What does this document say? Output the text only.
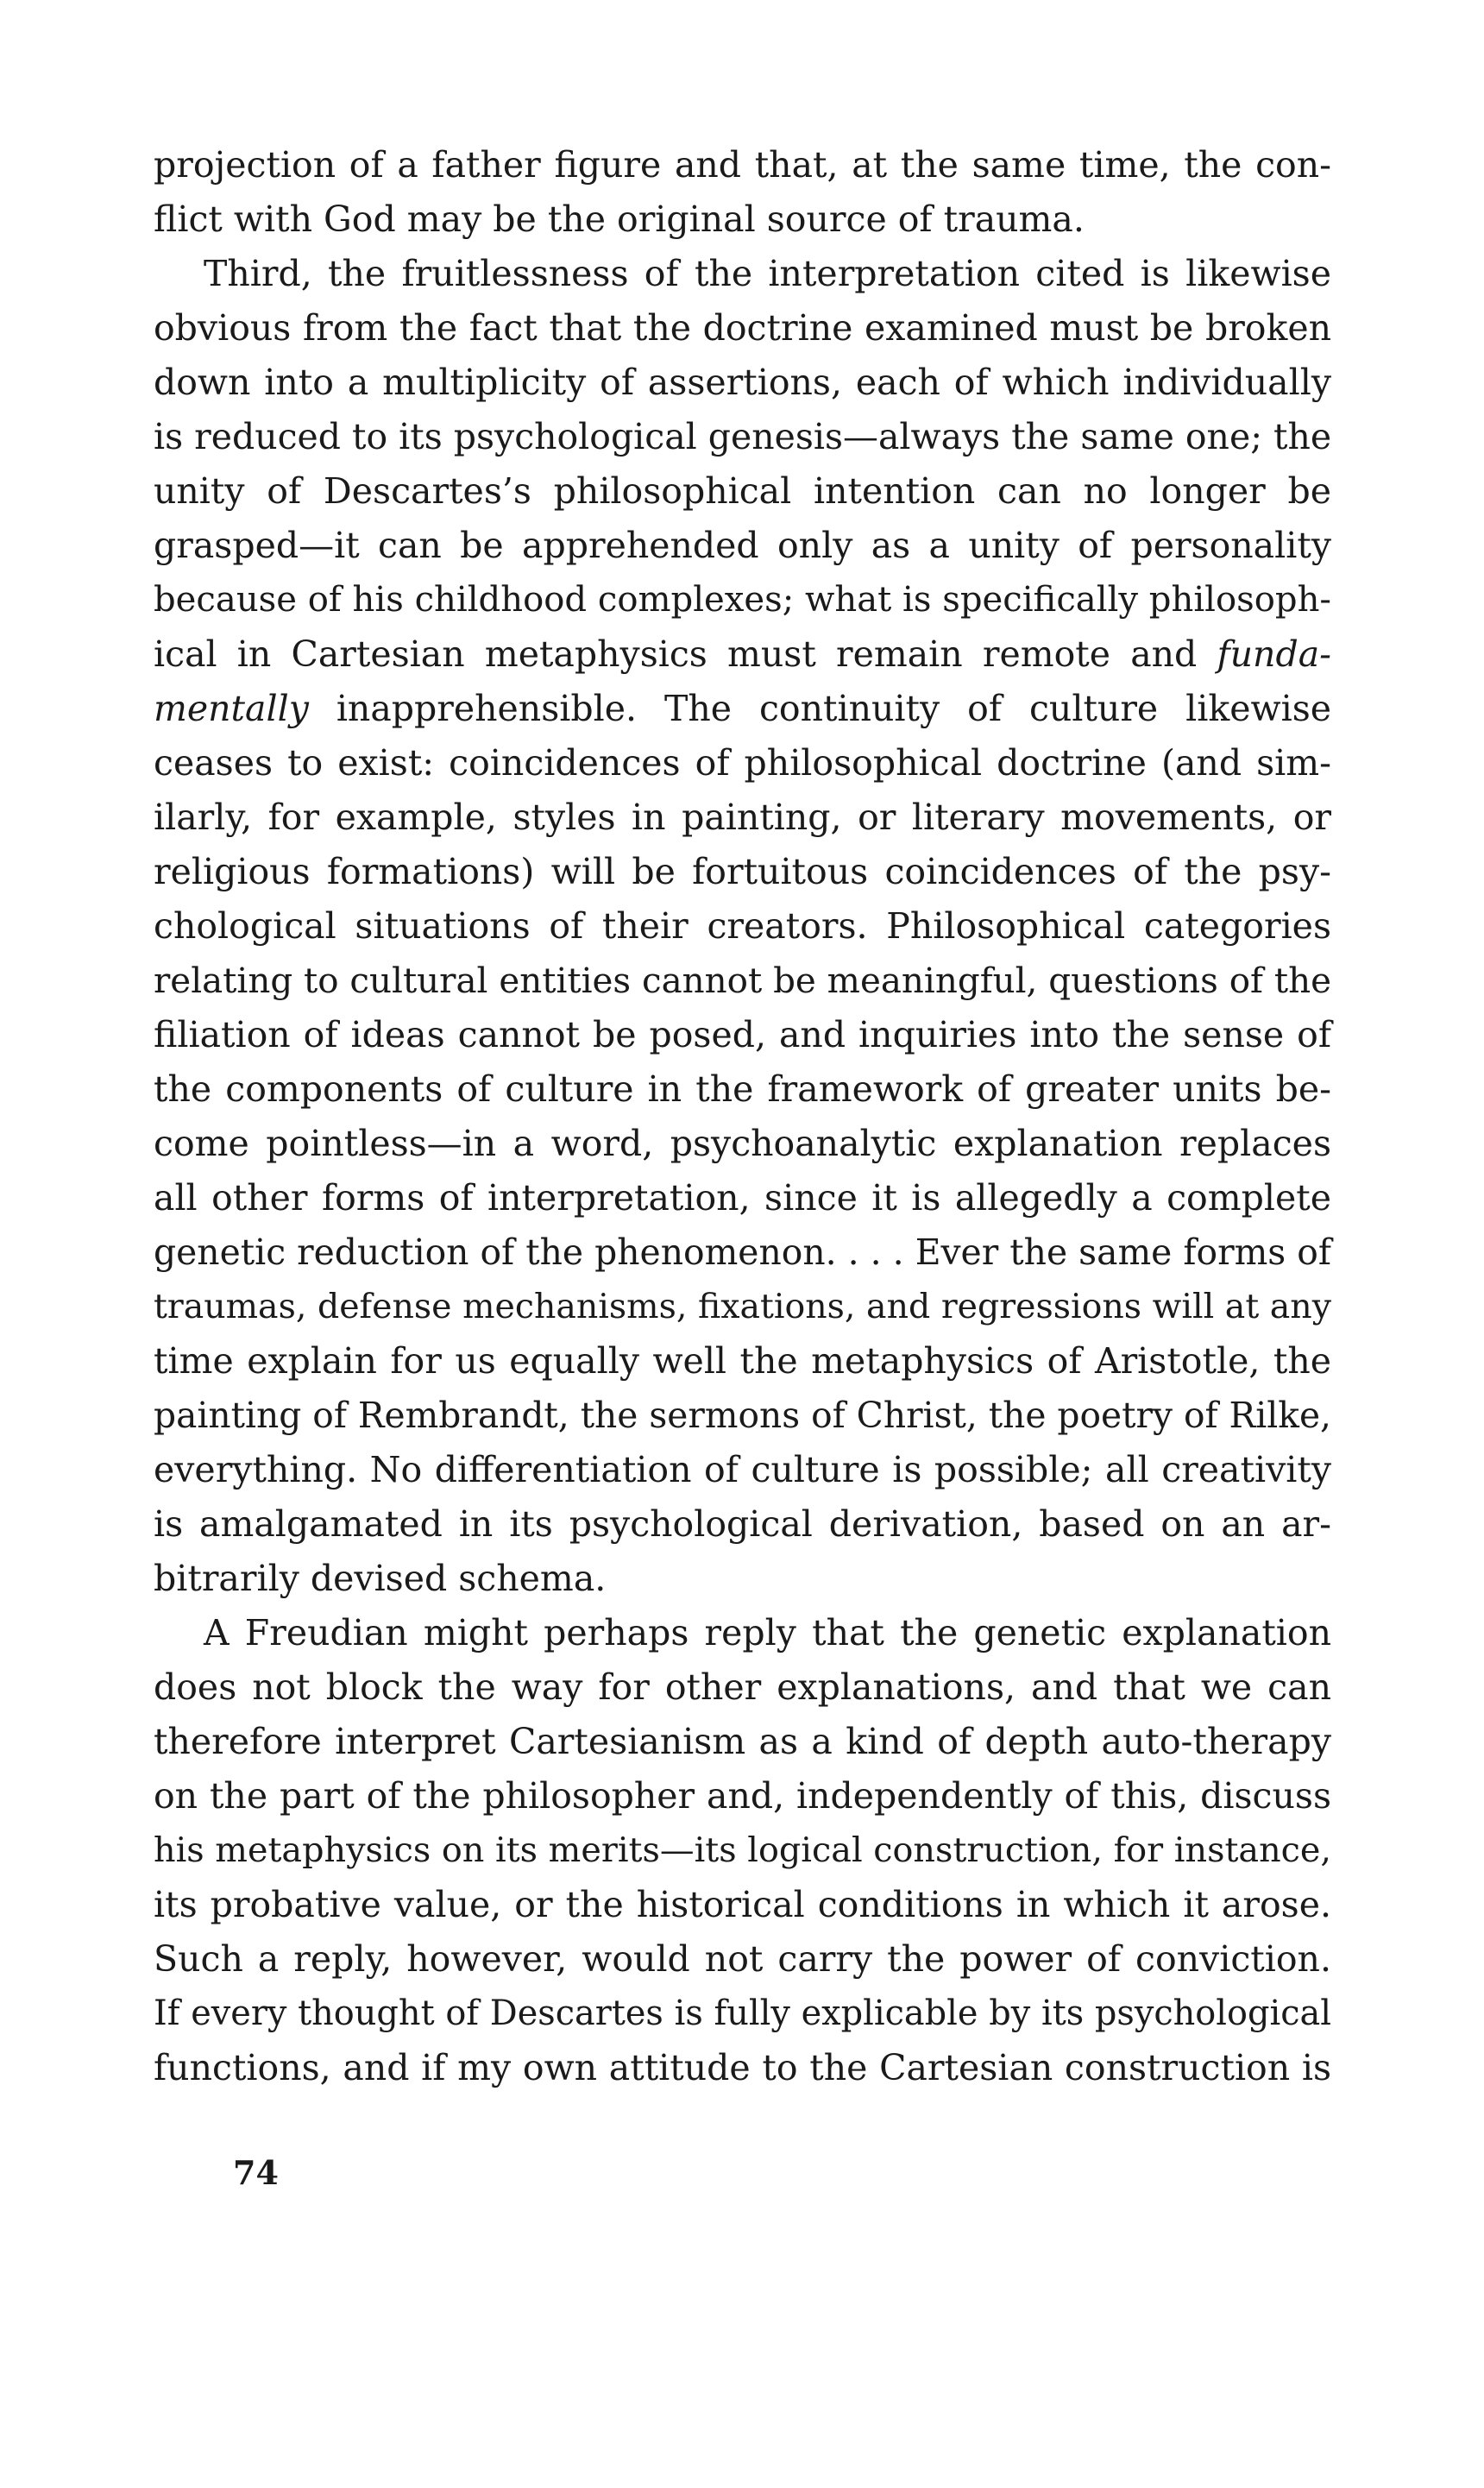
projection of a father figure and that, at the same time, the con-
flict with God may be the original source of trauma.
Third, the fruitlessness of the interpretation cited is likewise
obvious from the fact that the doctrine examined must be broken
down into a multiplicity of assertions, each of which individually
is reduced to its psychological genesis—always the same one; the
unity of Descartes’s philosophical intention can no longer be
grasped—it can be apprehended only as a unity of personality
because of his childhood complexes; what is specifically philosoph-
ical in Cartesian metaphysics must remain remote and funda-
mentally inapprehensible. The continuity of culture likewise
ceases to exist: coincidences of philosophical doctrine (and sim-
ilarly, for example, styles in painting, or literary movements, or
religious formations) will be fortuitous coincidences of the psy-
chological situations of their creators. Philosophical categories
relating to cultural entities cannot be meaningful, questions of the
filiation of ideas cannot be posed, and inquiries into the sense of
the components of culture in the framework of greater units be-
come pointless—in a word, psychoanalytic explanation replaces
all other forms of interpretation, since it is allegedly a complete
genetic reduction of the phenomenon. . . . Ever the same forms of
traumas, defense mechanisms, fixations, and regressions will at any
time explain for us equally well the metaphysics of Aristotle, the
painting of Rembrandt, the sermons of Christ, the poetry of Rilke,
everything. No differentiation of culture is possible; all creativity
is amalgamated in its psychological derivation, based on an ar-
bitrarily devised schema.
A Freudian might perhaps reply that the genetic explanation
does not block the way for other explanations, and that we can
therefore interpret Cartesianism as a kind of depth auto-therapy
on the part of the philosopher and, independently of this, discuss
his metaphysics on its merits—its logical construction, for instance,
its probative value, or the historical conditions in which it arose.
Such a reply, however, would not carry the power of conviction.
If every thought of Descartes is fully explicable by its psychological
functions, and if my own attitude to the Cartesian construction is
74
